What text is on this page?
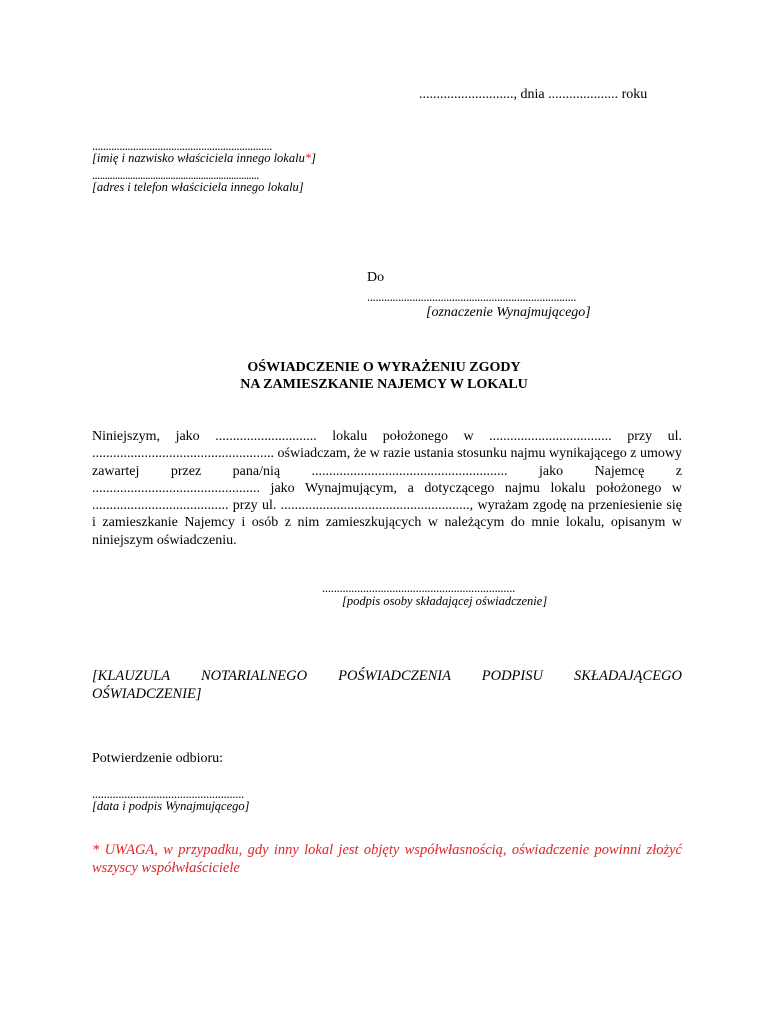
..........................., dnia .................... roku
..................................................................
[imię i nazwisko właściciela innego lokalu*]
..................................................................
[adres i telefon właściciela innego lokalu]
Do
..........................................................................
[oznaczenie Wynajmującego]
OŚWIADCZENIE O WYRAŻENIU ZGODY
NA ZAMIESZKANIE NAJEMCY W LOKALU
Niniejszym, jako ............................. lokalu położonego w ................................... przy ul. .................................................... oświadczam, że w razie ustania stosunku najmu wynikającego z umowy zawartej przez pana/nią ........................................................ jako Najemcę z ................................................ jako Wynajmującym, a dotyczącego najmu lokalu położonego w ....................................... przy ul. ......................................................, wyrażam zgodę na przeniesienie się i zamieszkanie Najemcy i osób z nim zamieszkujących w należącym do mnie lokalu, opisanym w niniejszym oświadczeniu.
..................................................................
[podpis osoby składającej oświadczenie]
[KLAUZULA NOTARIALNEGO POŚWIADCZENIA PODPISU SKŁADAJĄCEGO OŚWIADCZENIE]
Potwierdzenie odbioru:
....................................................
[data i podpis Wynajmującego]
* UWAGA, w przypadku, gdy inny lokal jest objęty współwłasnością, oświadczenie powinni złożyć wszyscy współwłaściciele
